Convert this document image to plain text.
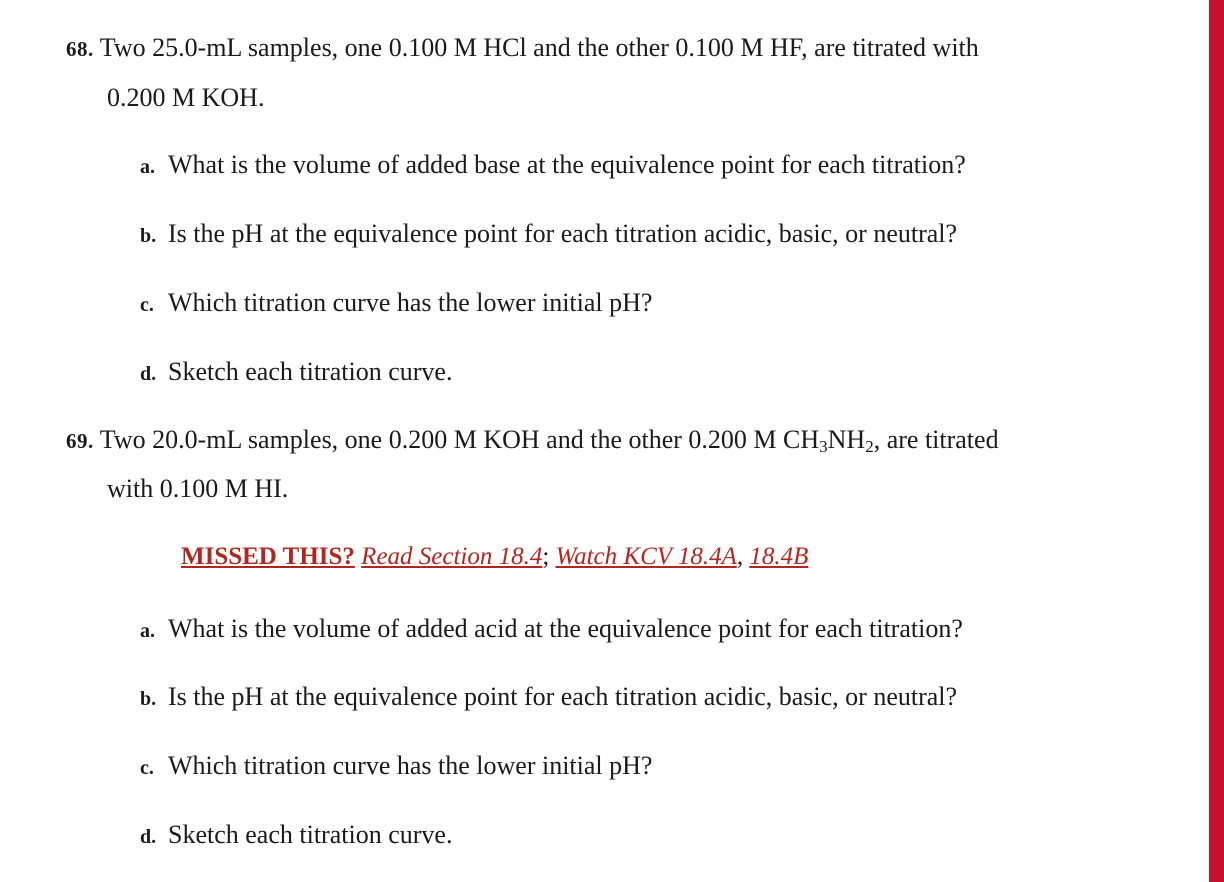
68. Two 25.0-mL samples, one 0.100 M HCl and the other 0.100 M HF, are titrated with
0.200 M KOH.
a. What is the volume of added base at the equivalence point for each titration?
b. Is the pH at the equivalence point for each titration acidic, basic, or neutral?
c. Which titration curve has the lower initial pH?
d. Sketch each titration curve.
69. Two 20.0-mL samples, one 0.200 M KOH and the other 0.200 M $CH_3NH_2$, are titrated
with 0.100 M HI.
MISSED THIS? Read Section 18.4; Watch KCV 18.4A, 18.4B
a. What is the volume of added acid at the equivalence point for each titration?
b. Is the pH at the equivalence point for each titration acidic, basic, or neutral?
c. Which titration curve has the lower initial pH?
d. Sketch each titration curve.
